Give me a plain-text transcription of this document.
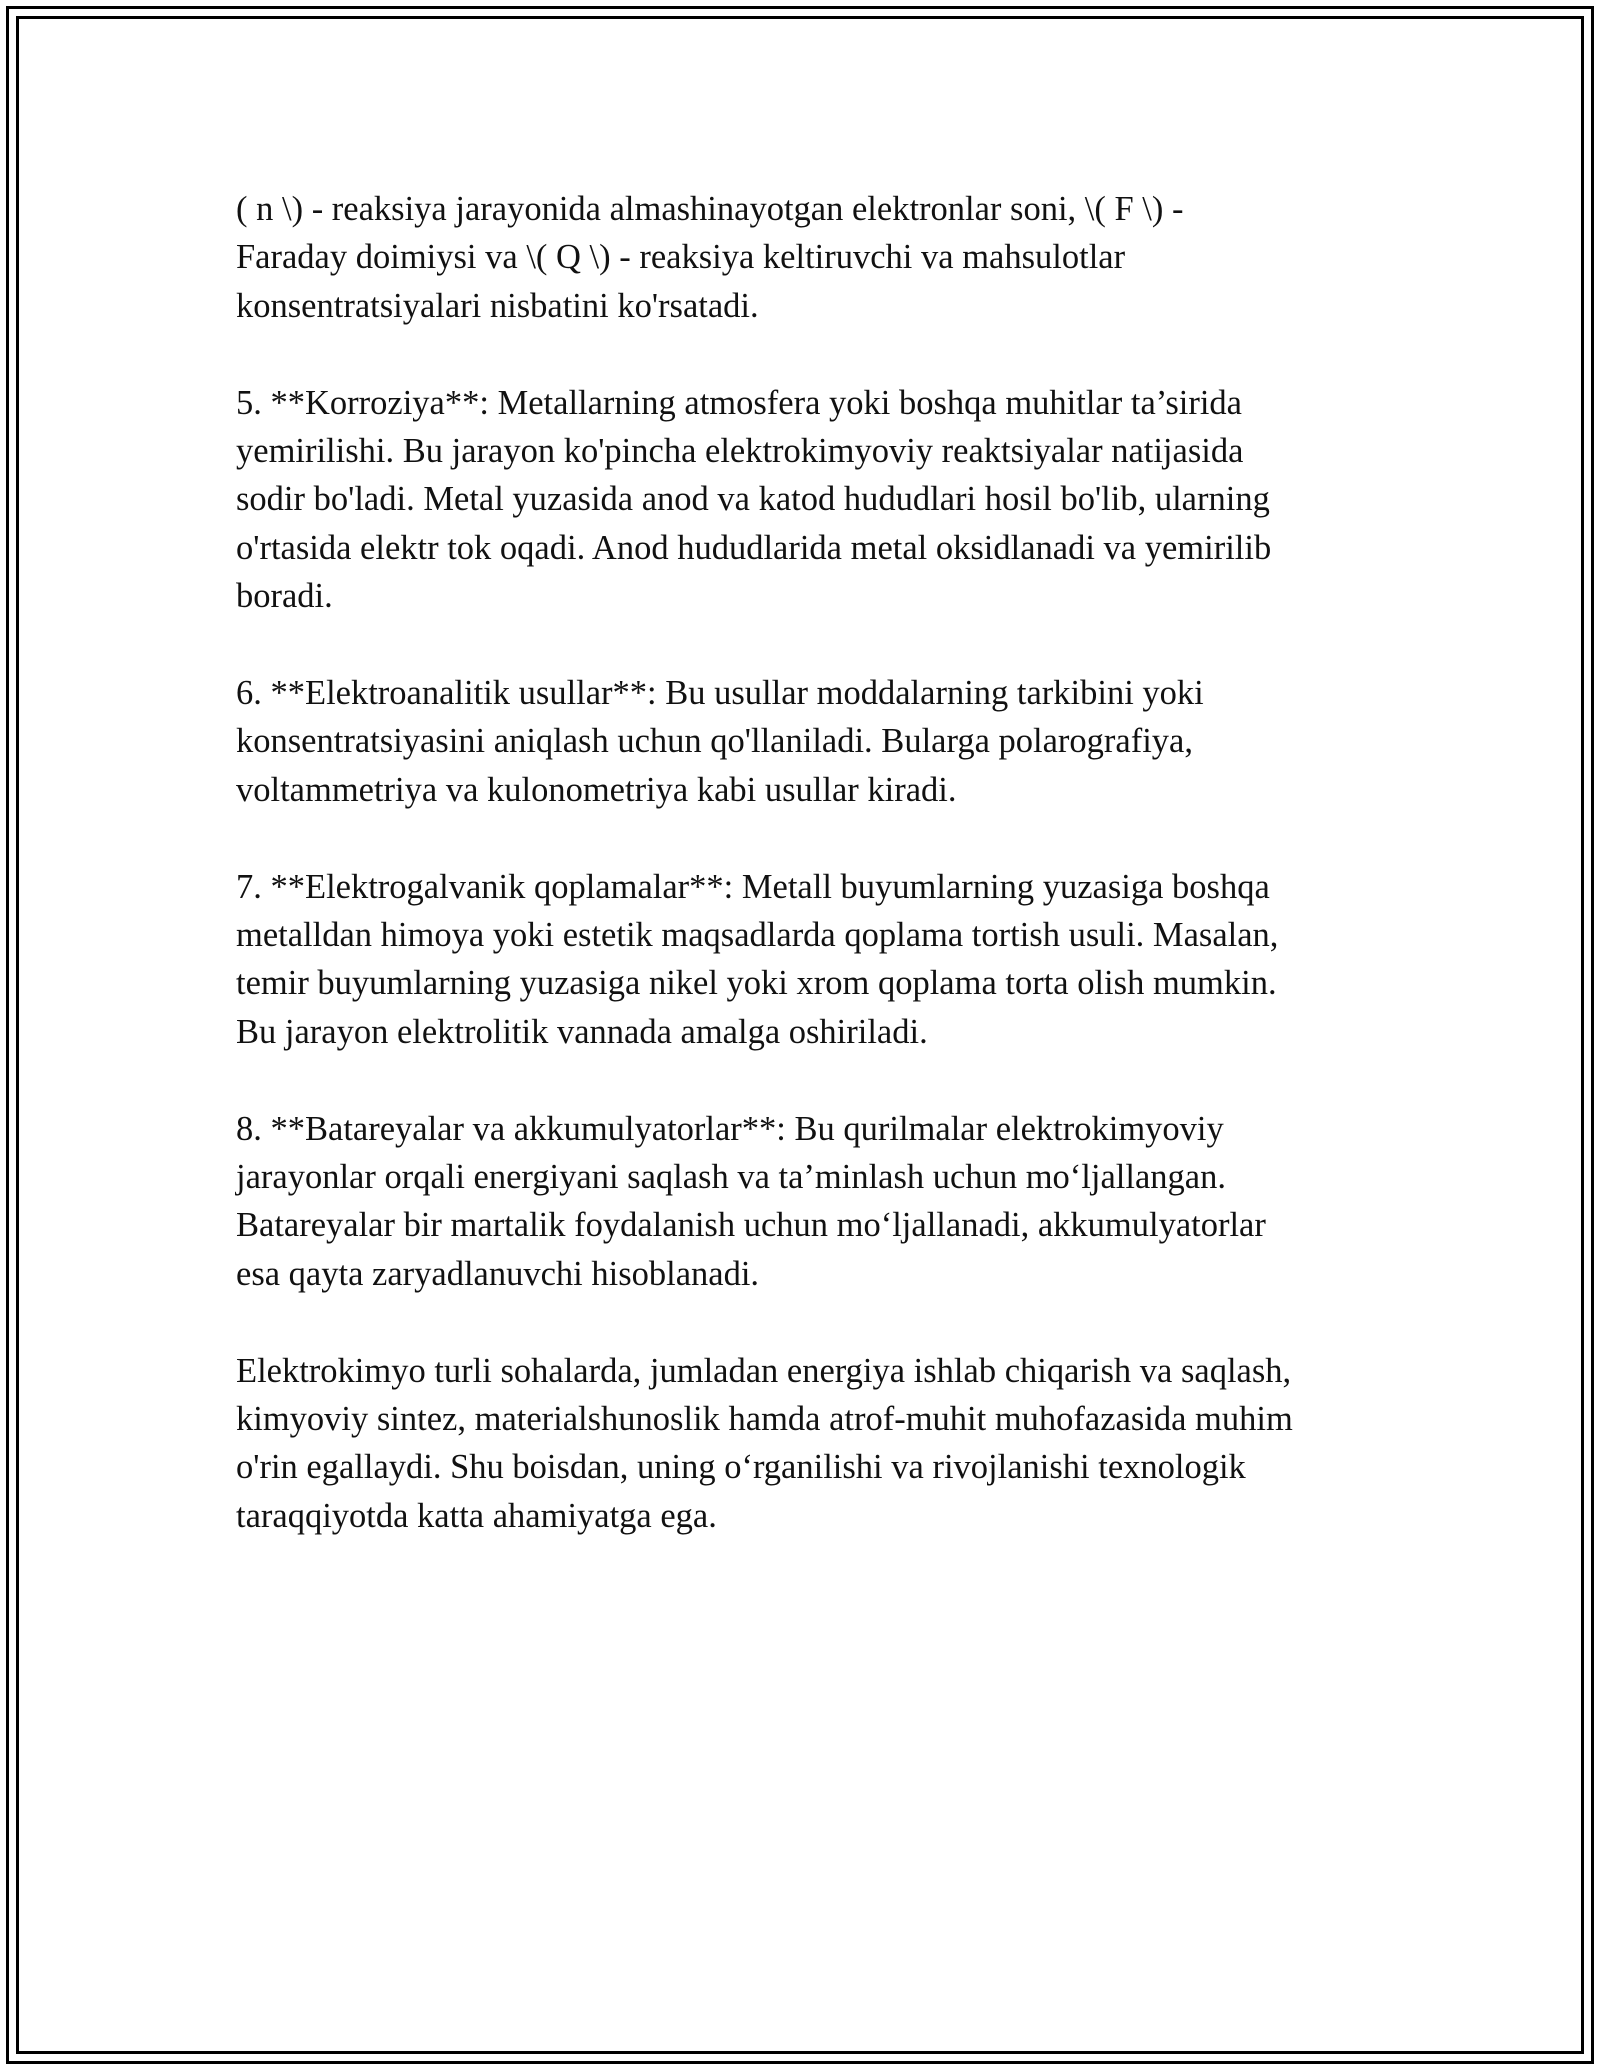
( n \) - reaksiya jarayonida almashinayotgan elektronlar soni, \( F \) -
Faraday doimiysi va \( Q \) - reaksiya keltiruvchi va mahsulotlar
konsentratsiyalari nisbatini ko'rsatadi.

5. **Korroziya**: Metallarning atmosfera yoki boshqa muhitlar ta’sirida
yemirilishi. Bu jarayon ko'pincha elektrokimyoviy reaktsiyalar natijasida
sodir bo'ladi. Metal yuzasida anod va katod hududlari hosil bo'lib, ularning
o'rtasida elektr tok oqadi. Anod hududlarida metal oksidlanadi va yemirilib
boradi.

6. **Elektroanalitik usullar**: Bu usullar moddalarning tarkibini yoki
konsentratsiyasini aniqlash uchun qo'llaniladi. Bularga polarografiya,
voltammetriya va kulonometriya kabi usullar kiradi.

7. **Elektrogalvanik qoplamalar**: Metall buyumlarning yuzasiga boshqa
metalldan himoya yoki estetik maqsadlarda qoplama tortish usuli. Masalan,
temir buyumlarning yuzasiga nikel yoki xrom qoplama torta olish mumkin.
Bu jarayon elektrolitik vannada amalga oshiriladi.

8. **Batareyalar va akkumulyatorlar**: Bu qurilmalar elektrokimyoviy
jarayonlar orqali energiyani saqlash va ta’minlash uchun mo‘ljallangan.
Batareyalar bir martalik foydalanish uchun mo‘ljallanadi, akkumulyatorlar
esa qayta zaryadlanuvchi hisoblanadi.

Elektrokimyo turli sohalarda, jumladan energiya ishlab chiqarish va saqlash,
kimyoviy sintez, materialshunoslik hamda atrof-muhit muhofazasida muhim
o'rin egallaydi. Shu boisdan, uning o‘rganilishi va rivojlanishi texnologik
taraqqiyotda katta ahamiyatga ega.
